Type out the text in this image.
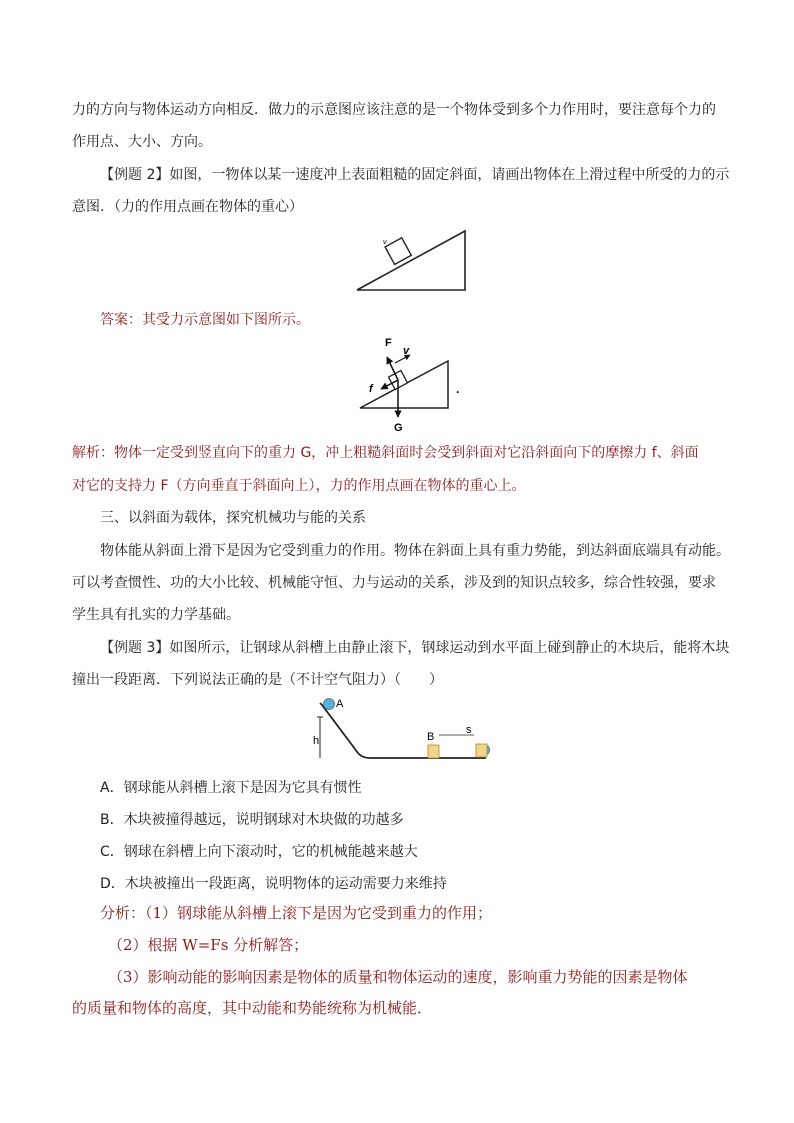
力的方向与物体运动方向相反．做力的示意图应该注意的是一个物体受到多个力作用时，要注意每个力的
作用点、大小、方向。
【例题 2】如图，一物体以某一速度冲上表面粗糙的固定斜面，请画出物体在上滑过程中所受的力的示
意图．（力的作用点画在物体的重心）
v
答案：其受力示意图如下图所示。
F
v
f
G
.
解析：物体一定受到竖直向下的重力 G，冲上粗糙斜面时会受到斜面对它沿斜面向下的摩擦力 f、斜面
对它的支持力 F（方向垂直于斜面向上），力的作用点画在物体的重心上。
三、以斜面为载体，探究机械功与能的关系
物体能从斜面上滑下是因为它受到重力的作用。物体在斜面上具有重力势能，到达斜面底端具有动能。
可以考查惯性、功的大小比较、机械能守恒、力与运动的关系，涉及到的知识点较多，综合性较强，要求
学生具有扎实的力学基础。
【例题 3】如图所示，让钢球从斜槽上由静止滚下，钢球运动到水平面上碰到静止的木块后，能将木块
撞出一段距离．下列说法正确的是（不计空气阻力）（　　）
A
h	B
s
A．钢球能从斜槽上滚下是因为它具有惯性
B．木块被撞得越远，说明钢球对木块做的功越多
C．钢球在斜槽上向下滚动时，它的机械能越来越大
D．木块被撞出一段距离，说明物体的运动需要力来维持
分析：（1）钢球能从斜槽上滚下是因为它受到重力的作用；
（2）根据 W=Fs 分析解答；
（3）影响动能的影响因素是物体的质量和物体运动的速度，影响重力势能的因素是物体
的质量和物体的高度，其中动能和势能统称为机械能．
